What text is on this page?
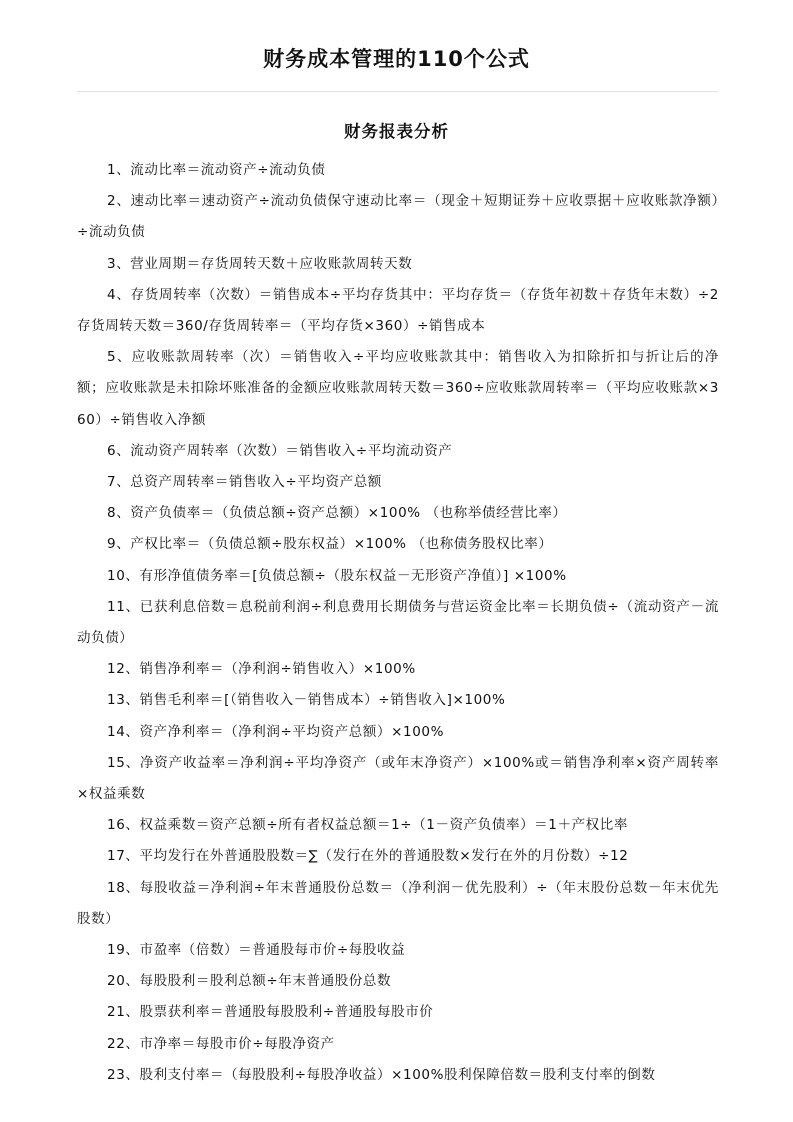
财务成本管理的110个公式
财务报表分析
1、流动比率＝流动资产÷流动负债
2、速动比率＝速动资产÷流动负债保守速动比率＝（现金＋短期证券＋应收票据＋应收账款净额）÷流动负债
3、营业周期＝存货周转天数＋应收账款周转天数
4、存货周转率（次数）＝销售成本÷平均存货其中：平均存货＝（存货年初数＋存货年末数）÷2 存货周转天数＝360/存货周转率＝（平均存货×360）÷销售成本
5、应收账款周转率（次）＝销售收入÷平均应收账款其中：销售收入为扣除折扣与折让后的净额；应收账款是未扣除坏账准备的金额应收账款周转天数＝360÷应收账款周转率＝（平均应收账款×360）÷销售收入净额
6、流动资产周转率（次数）＝销售收入÷平均流动资产
7、总资产周转率＝销售收入÷平均资产总额
8、资产负债率＝（负债总额÷资产总额）×100% （也称举债经营比率）
9、产权比率＝（负债总额÷股东权益）×100% （也称债务股权比率）
10、有形净值债务率＝[负债总额÷（股东权益－无形资产净值）] ×100%
11、已获利息倍数＝息税前利润÷利息费用长期债务与营运资金比率＝长期负债÷（流动资产－流动负债）
12、销售净利率＝（净利润÷销售收入）×100%
13、销售毛利率＝[（销售收入－销售成本）÷销售收入]×100%
14、资产净利率＝（净利润÷平均资产总额）×100%
15、净资产收益率＝净利润÷平均净资产（或年末净资产）×100%或＝销售净利率×资产周转率×权益乘数
16、权益乘数＝资产总额÷所有者权益总额＝1÷（1－资产负债率）＝1＋产权比率
17、平均发行在外普通股股数＝∑（发行在外的普通股数×发行在外的月份数）÷12
18、每股收益＝净利润÷年末普通股份总数＝（净利润－优先股利）÷（年末股份总数－年末优先股数）
19、市盈率（倍数）＝普通股每市价÷每股收益
20、每股股利＝股利总额÷年末普通股份总数
21、股票获利率＝普通股每股股利÷普通股每股市价
22、市净率＝每股市价÷每股净资产
23、股利支付率＝（每股股利÷每股净收益）×100%股利保障倍数＝股利支付率的倒数
